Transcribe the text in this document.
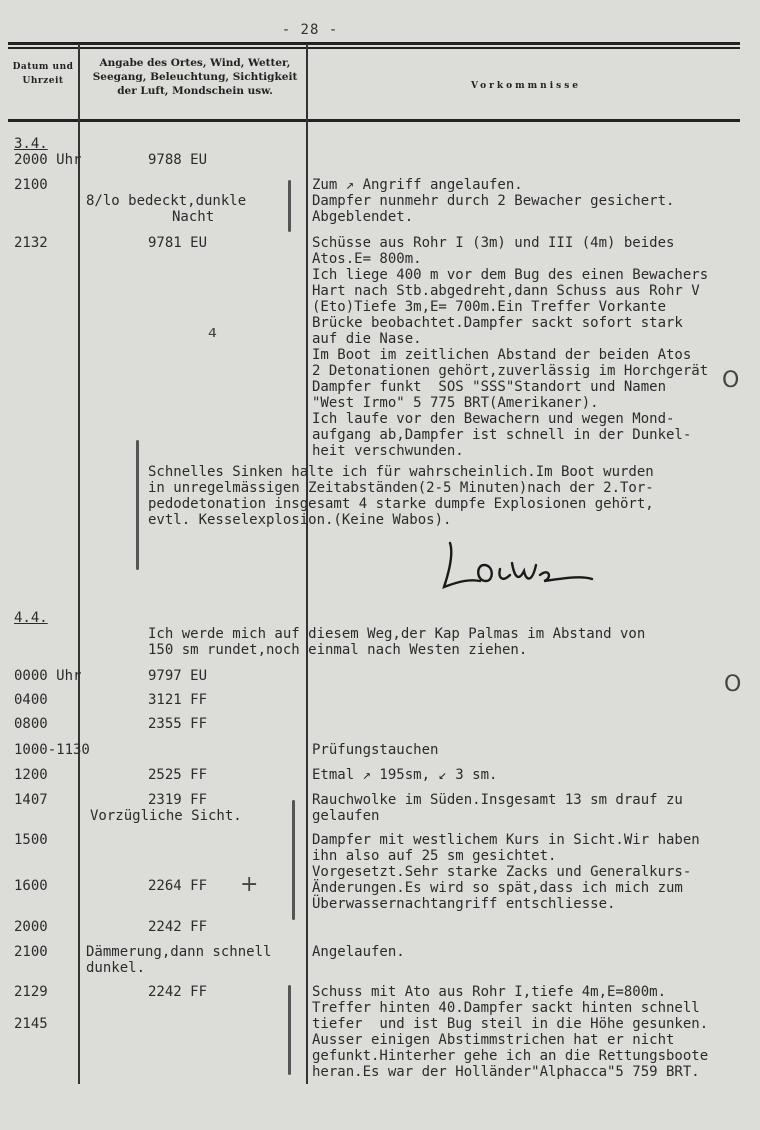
- 28 -
Datum und Uhrzeit
Angabe des Ortes, Wind, Wetter, Seegang, Beleuchtung, Sichtigkeit der Luft, Mondschein usw.	Vorkommnisse
3.4.
2000 Uhr	9788 EU
2100	Zum ↗ Angriff angelaufen.
8/lo bedeckt,dunkle	Dampfer nunmehr durch 2 Bewacher gesichert.
Nacht	Abgeblendet.
2132	9781 EU	Schüsse aus Rohr I (3m) und III (4m) beides
Atos.E= 800m.
Ich liege 400 m vor dem Bug des einen Bewachers
Hart nach Stb.abgedreht,dann Schuss aus Rohr V
(Eto)Tiefe 3m,E= 700m.Ein Treffer Vorkante
Brücke beobachtet.Dampfer sackt sofort stark
auf die Nase.
Im Boot im zeitlichen Abstand der beiden Atos
2 Detonationen gehört,zuverlässig im Horchgerät
Dampfer funkt  SOS "SSS"Standort und Namen
"West Irmo" 5 775 BRT(Amerikaner).
Ich laufe vor den Bewachern und wegen Mond-
aufgang ab,Dampfer ist schnell in der Dunkel-
heit verschwunden.
Schnelles Sinken halte ich für wahrscheinlich.Im Boot wurden
in unregelmässigen Zeitabständen(2-5 Minuten)nach der 2.Tor-
pedodetonation insgesamt 4 starke dumpfe Explosionen gehört,
evtl. Kesselexplosion.(Keine Wabos).
4.4.
Ich werde mich auf diesem Weg,der Kap Palmas im Abstand von
150 sm rundet,noch einmal nach Westen ziehen.
0000 Uhr	9797 EU
0400	3121 FF
0800	2355 FF
1000-1130	Prüfungstauchen
1200	2525 FF	Etmal ↗ 195sm, ↙ 3 sm.
1407	2319 FF	Rauchwolke im Süden.Insgesamt 13 sm drauf zu
Vorzügliche Sicht.	gelaufen
1500	Dampfer mit westlichem Kurs in Sicht.Wir haben
ihn also auf 25 sm gesichtet.
Vorgesetzt.Sehr starke Zacks und Generalkurs-
1600	2264 FF	Änderungen.Es wird so spät,dass ich mich zum
Überwassernachtangriff entschliesse.
2000	2242 FF
2100	Dämmerung,dann schnell	Angelaufen.
dunkel.
2129	2242 FF	Schuss mit Ato aus Rohr I,tiefe 4m,E=800m.
Treffer hinten 40.Dampfer sackt hinten schnell
2145	tiefer  und ist Bug steil in die Höhe gesunken.
Ausser einigen Abstimmstrichen hat er nicht
gefunkt.Hinterher gehe ich an die Rettungsboote
heran.Es war der Holländer"Alphacca"5 759 BRT.
⁴
O
O
+
